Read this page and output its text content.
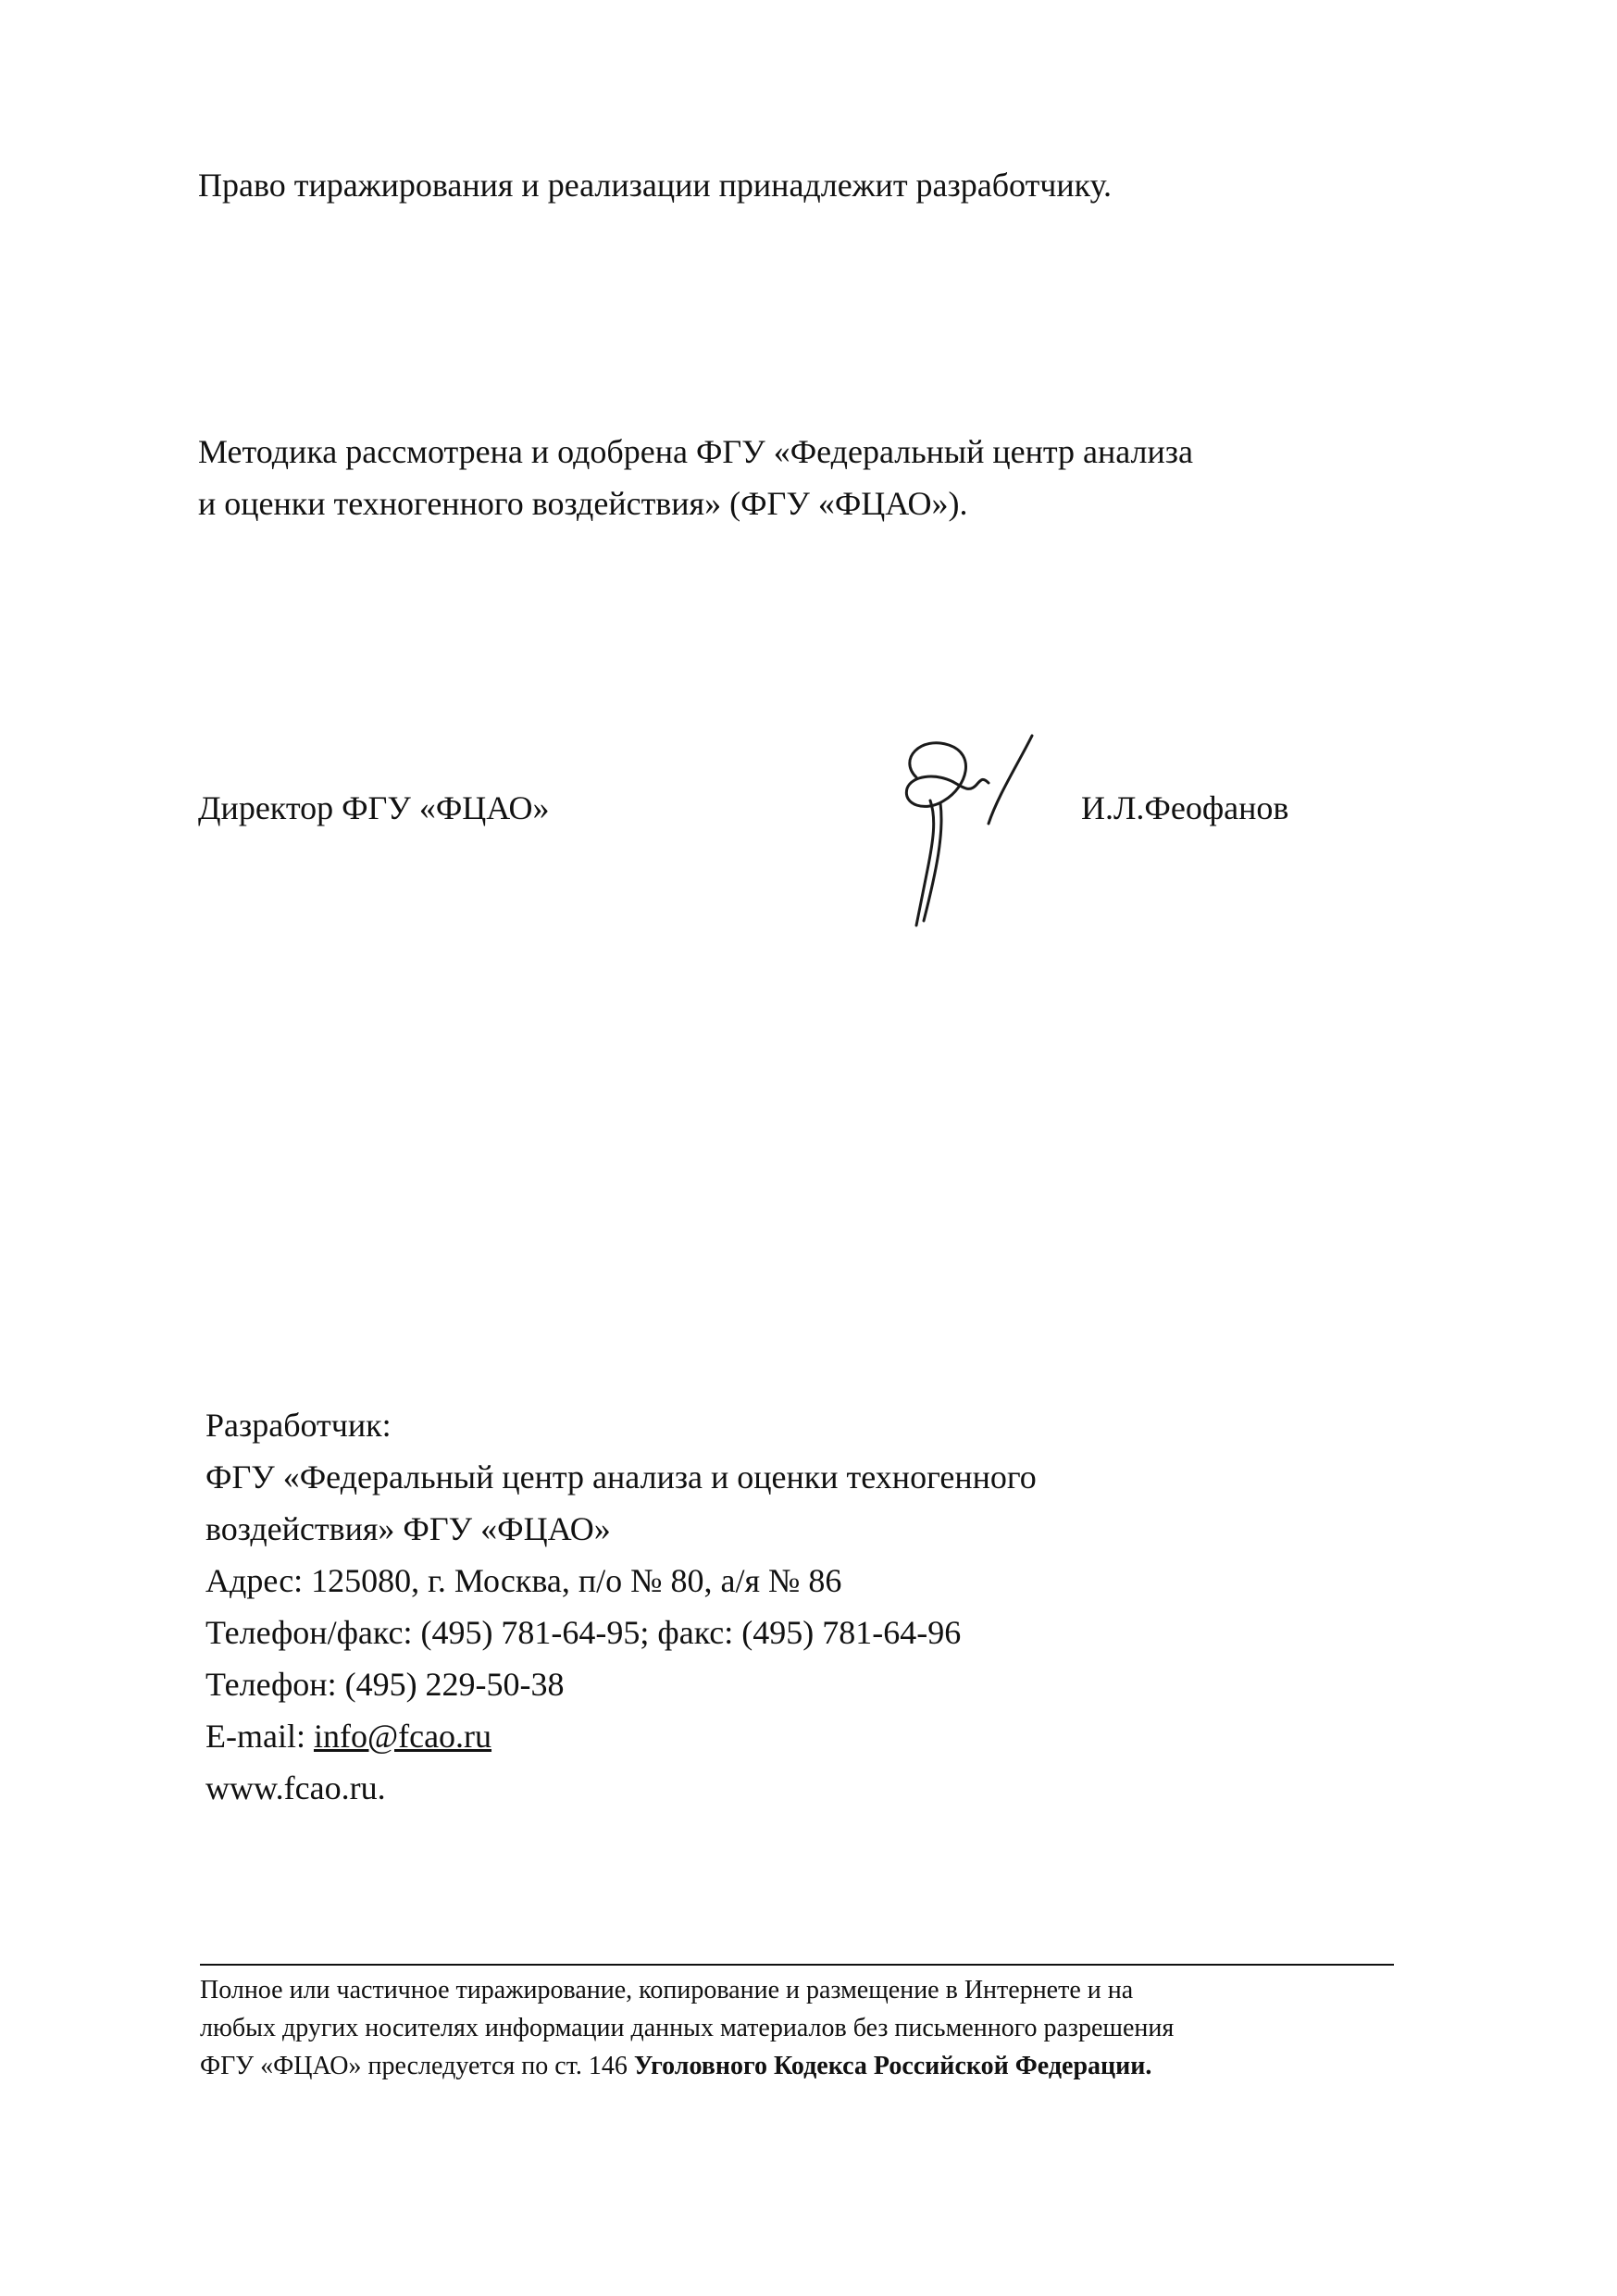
Право тиражирования и реализации принадлежит разработчику.

Методика рассмотрена и одобрена ФГУ «Федеральный центр анализа
и оценки техногенного воздействия» (ФГУ «ФЦАО»).

Директор ФГУ «ФЦАО»	И.Л.Феофанов
Разработчик:
ФГУ «Федеральный центр анализа и оценки техногенного
воздействия» ФГУ «ФЦАО»
Адрес: 125080, г. Москва, п/о № 80, а/я № 86
Телефон/факс: (495) 781-64-95; факс: (495) 781-64-96
Телефон: (495) 229-50-38
E-mail: info@fcao.ru
www.fcao.ru.
Полное или частичное тиражирование, копирование и размещение в Интернете и на
любых других носителях информации данных материалов без письменного разрешения
ФГУ «ФЦАО» преследуется по ст. 146 Уголовного Кодекса Российской Федерации.
